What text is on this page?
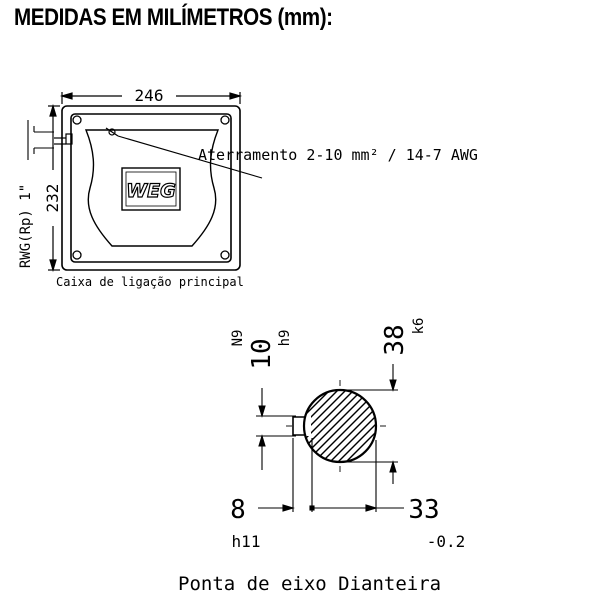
MEDIDAS EM MILÍMETROS (mm):
WEG
246
232
RWG(Rp) 1"
Aterramento 2-10 mm² / 14-7 AWG
Caixa de ligação principal
10
N9 h9	38 k6
8
h11
33
-0.2
Ponta de eixo Dianteira
